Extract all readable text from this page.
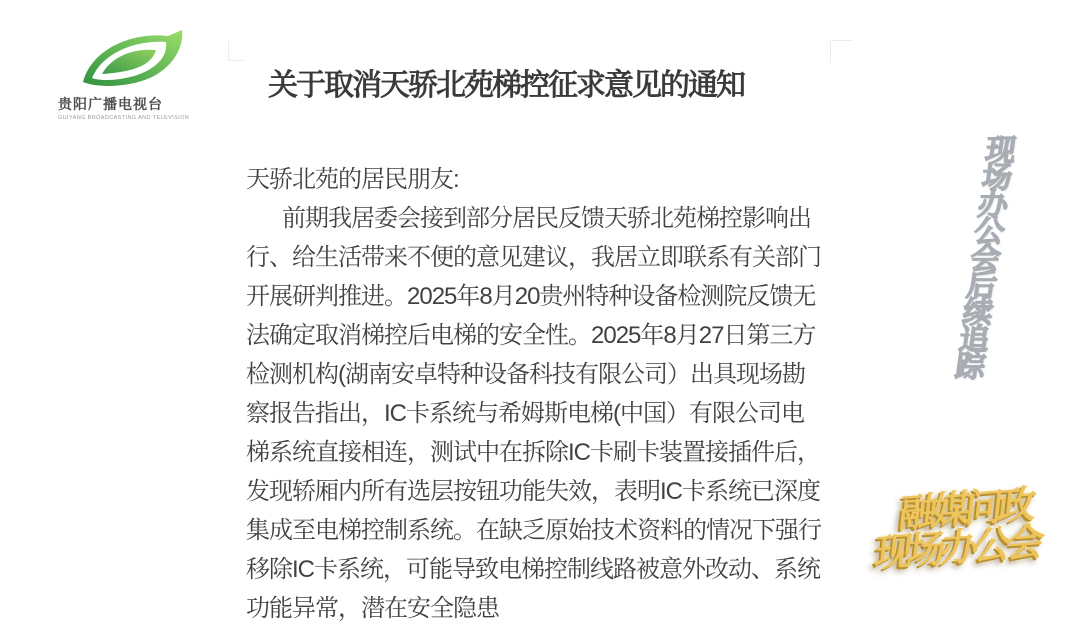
贵阳广播电视台
GUIYANG BROADCASTING AND TELEVISION
关于取消天骄北苑梯控征求意见的通知
天骄北苑的居民朋友:
前期我居委会接到部分居民反馈天骄北苑梯控影响出
行、给生活带来不便的意见建议，我居立即联系有关部门
开展研判推进。2025年8月20贵州特种设备检测院反馈无
法确定取消梯控后电梯的安全性。2025年8月27日第三方
检测机构(湖南安卓特种设备科技有限公司）出具现场勘
察报告指出，IC卡系统与希姆斯电梯(中国）有限公司电
梯系统直接相连，测试中在拆除IC卡刷卡装置接插件后，
发现轿厢内所有选层按钮功能失效，表明IC卡系统已深度
集成至电梯控制系统。在缺乏原始技术资料的情况下强行
移除IC卡系统，可能导致电梯控制线路被意外改动、系统
功能异常，潜在安全隐患
现场办公会后续追踪
融媒问政
现场办公会
